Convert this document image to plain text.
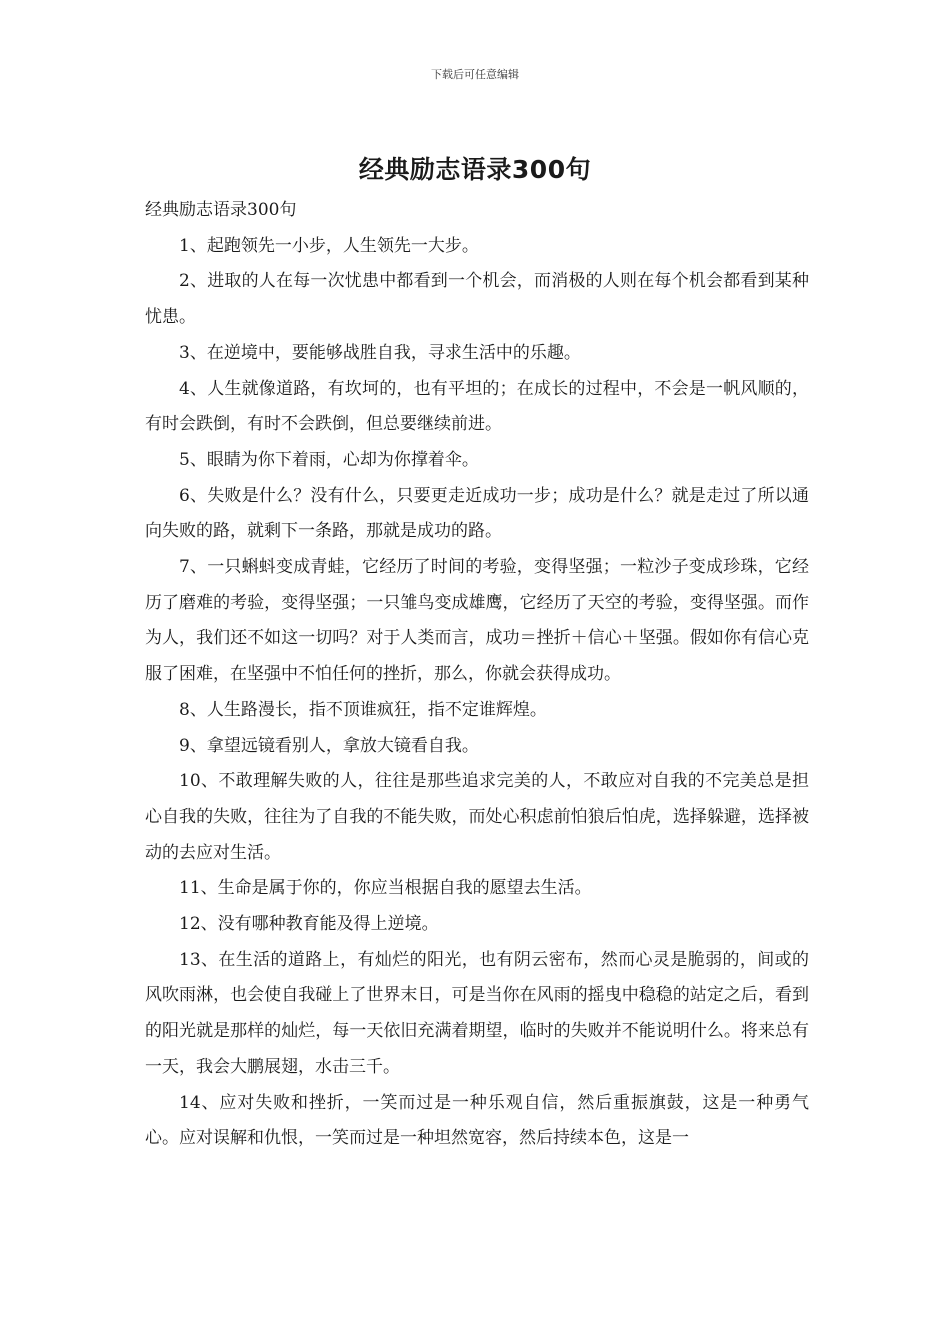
下载后可任意编辑
经典励志语录300句

经典励志语录300句

1、起跑领先一小步，人生领先一大步。

2、进取的人在每一次忧患中都看到一个机会，而消极的人则在每个机会都看到某种忧患。

3、在逆境中，要能够战胜自我，寻求生活中的乐趣。

4、人生就像道路，有坎坷的，也有平坦的；在成长的过程中，不会是一帆风顺的，有时会跌倒，有时不会跌倒，但总要继续前进。

5、眼睛为你下着雨，心却为你撑着伞。

6、失败是什么？没有什么，只要更走近成功一步；成功是什么？就是走过了所以通向失败的路，就剩下一条路，那就是成功的路。

7、一只蝌蚪变成青蛙，它经历了时间的考验，变得坚强；一粒沙子变成珍珠，它经历了磨难的考验，变得坚强；一只雏鸟变成雄鹰，它经历了天空的考验，变得坚强。而作为人，我们还不如这一切吗？对于人类而言，成功＝挫折＋信心＋坚强。假如你有信心克服了困难，在坚强中不怕任何的挫折，那么，你就会获得成功。

8、人生路漫长，指不顶谁疯狂，指不定谁辉煌。

9、拿望远镜看别人，拿放大镜看自我。

10、不敢理解失败的人，往往是那些追求完美的人，不敢应对自我的不完美总是担心自我的失败，往往为了自我的不能失败，而处心积虑前怕狼后怕虎，选择躲避，选择被动的去应对生活。

11、生命是属于你的，你应当根据自我的愿望去生活。

12、没有哪种教育能及得上逆境。

13、在生活的道路上，有灿烂的阳光，也有阴云密布，然而心灵是脆弱的，间或的风吹雨淋，也会使自我碰上了世界末日，可是当你在风雨的摇曳中稳稳的站定之后，看到的阳光就是那样的灿烂，每一天依旧充满着期望，临时的失败并不能说明什么。将来总有一天，我会大鹏展翅，水击三千。

14、应对失败和挫折，一笑而过是一种乐观自信，然后重振旗鼓，这是一种勇气心。应对误解和仇恨，一笑而过是一种坦然宽容，然后持续本色，这是一
